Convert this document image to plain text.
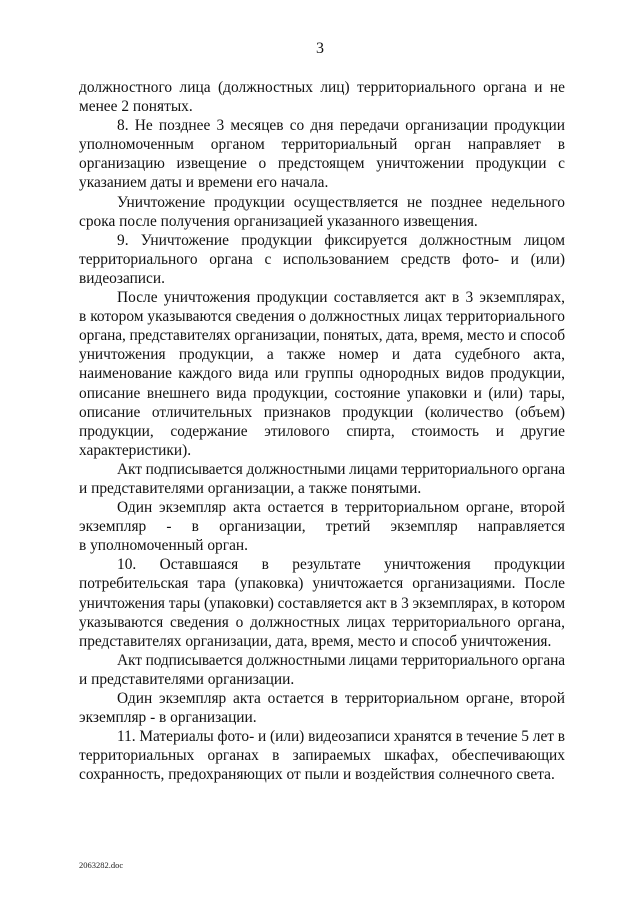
3
должностного лица (должностных лиц) территориального органа и не
менее 2 понятых.
8. Не позднее 3 месяцев со дня передачи организации продукции
уполномоченным органом территориальный орган направляет в
организацию извещение о предстоящем уничтожении продукции с
указанием даты и времени его начала.
Уничтожение продукции осуществляется не позднее недельного
срока после получения организацией указанного извещения.
9. Уничтожение продукции фиксируется должностным лицом
территориального органа с использованием средств фото- и (или)
видеозаписи.
После уничтожения продукции составляется акт в 3 экземплярах,
в котором указываются сведения о должностных лицах территориального
органа, представителях организации, понятых, дата, время, место и способ
уничтожения продукции, а также номер и дата судебного акта,
наименование каждого вида или группы однородных видов продукции,
описание внешнего вида продукции, состояние упаковки и (или) тары,
описание отличительных признаков продукции (количество (объем)
продукции, содержание этилового спирта, стоимость и другие
характеристики).
Акт подписывается должностными лицами территориального органа
и представителями организации, а также понятыми.
Один экземпляр акта остается в территориальном органе, второй
экземпляр - в организации, третий экземпляр направляется
в уполномоченный орган.
10. Оставшаяся в результате уничтожения продукции
потребительская тара (упаковка) уничтожается организациями. После
уничтожения тары (упаковки) составляется акт в 3 экземплярах, в котором
указываются сведения о должностных лицах территориального органа,
представителях организации, дата, время, место и способ уничтожения.
Акт подписывается должностными лицами территориального органа
и представителями организации.
Один экземпляр акта остается в территориальном органе, второй
экземпляр - в организации.
11. Материалы фото- и (или) видеозаписи хранятся в течение 5 лет в
территориальных органах в запираемых шкафах, обеспечивающих
сохранность, предохраняющих от пыли и воздействия солнечного света.
2063282.doc
